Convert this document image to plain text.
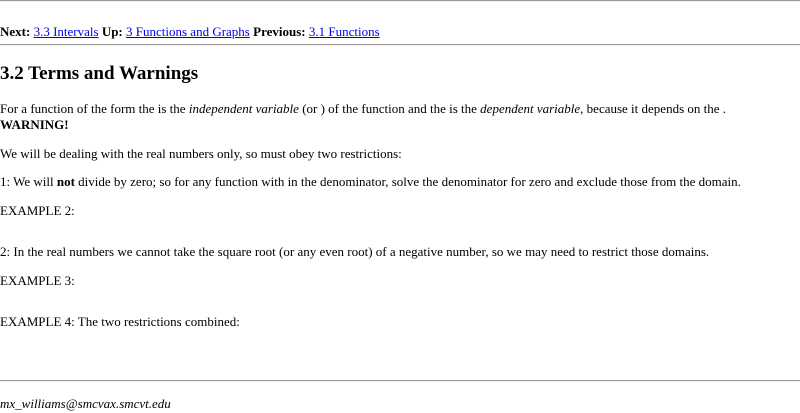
Next: 3.3 Intervals Up: 3 Functions and Graphs Previous: 3.1 Functions
3.2 Terms and Warnings
For a function of the form the is the independent variable (or ) of the function and the is the dependent variable, because it depends on the .
WARNING!
We will be dealing with the real numbers only, so must obey two restrictions:
1: We will not divide by zero; so for any function with in the denominator, solve the denominator for zero and exclude those from the domain.
EXAMPLE 2:
2: In the real numbers we cannot take the square root (or any even root) of a negative number, so we may need to restrict those domains.
EXAMPLE 3:
EXAMPLE 4: The two restrictions combined:
mx_williams@smcvax.smcvt.edu
